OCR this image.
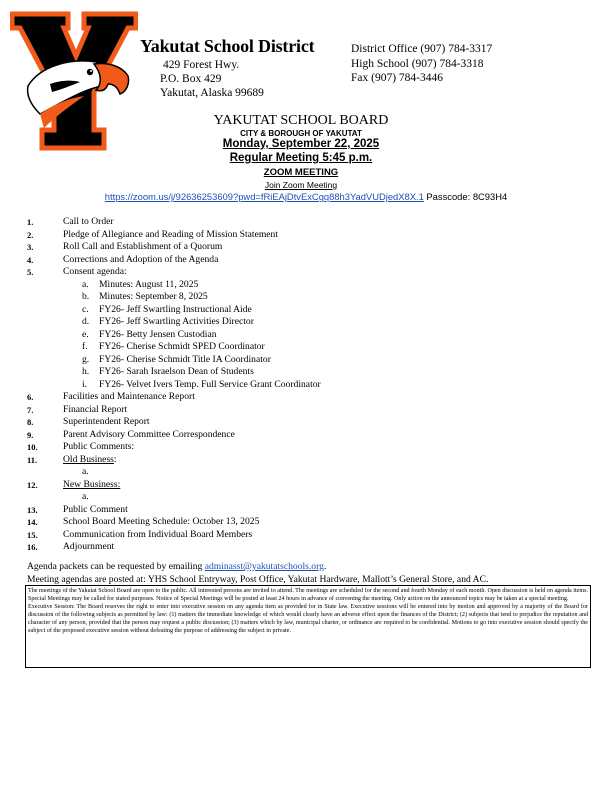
Yakutat School District
429 Forest Hwy.
P.O. Box 429
Yakutat, Alaska 99689
District Office (907) 784-3317
High School (907) 784-3318
Fax (907) 784-3446
YAKUTAT SCHOOL BOARD
CITY & BOROUGH OF YAKUTAT
Monday, September 22, 2025
Regular Meeting 5:45 p.m.
ZOOM MEETING
Join Zoom Meeting
https://zoom.us/j/92636253609?pwd=fRiEAjDtvExCgq88h3YadVUDjedX8X.1 Passcode: 8C93H4
1.	Call to Order
2.	Pledge of Allegiance and Reading of Mission Statement
3.	Roll Call and Establishment of a Quorum
4.	Corrections and Adoption of the Agenda
5.	Consent agenda:
a. Minutes: August 11, 2025
b. Minutes: September 8, 2025
c. FY26- Jeff Swartling Instructional Aide
d. FY26- Jeff Swartling Activities Director
e. FY26- Betty Jensen Custodian
f. FY26- Cherise Schmidt SPED Coordinator
g. FY26- Cherise Schmidt Title IA Coordinator
h. FY26- Sarah Israelson Dean of Students
i. FY26- Velvet Ivers Temp. Full Service Grant Coordinator
6.	Facilities and Maintenance Report
7.	Financial Report
8.	Superintendent Report
9.	Parent Advisory Committee Correspondence
10.	Public Comments:
11.	Old Business:
a.
12.	New Business:
a.
13.	Public Comment
14.	School Board Meeting Schedule: October 13, 2025
15.	Communication from Individual Board Members
16.	Adjournment
Agenda packets can be requested by emailing adminasst@yakutatschools.org.
Meeting agendas are posted at: YHS School Entryway, Post Office, Yakutat Hardware, Mallott’s General Store, and AC.

The meetings of the Yakutat School Board are open to the public. All interested persons are invited to attend. The meetings are scheduled for the second and fourth Monday of each month. Open discussion is held on agenda items. Special Meetings may be called for stated purposes. Notice of Special Meetings will be posted at least 24 hours in advance of convening the meeting. Only action on the announced topics may be taken at a special meeting.

Executive Session: The Board reserves the right to enter into executive session on any agenda item as provided for in State law. Executive sessions will be entered into by motion and approved by a majority of the Board for discussion of the following subjects as permitted by law: (1) matters the immediate knowledge of which would clearly have an adverse effect upon the finances of the District; (2) subjects that tend to prejudice the reputation and character of any person, provided that the person may request a public discussion; (3) matters which by law, municipal charter, or ordinance are required to be confidential. Motions to go into executive session should specify the subject of the proposed executive session without defeating the purpose of addressing the subject in private.
